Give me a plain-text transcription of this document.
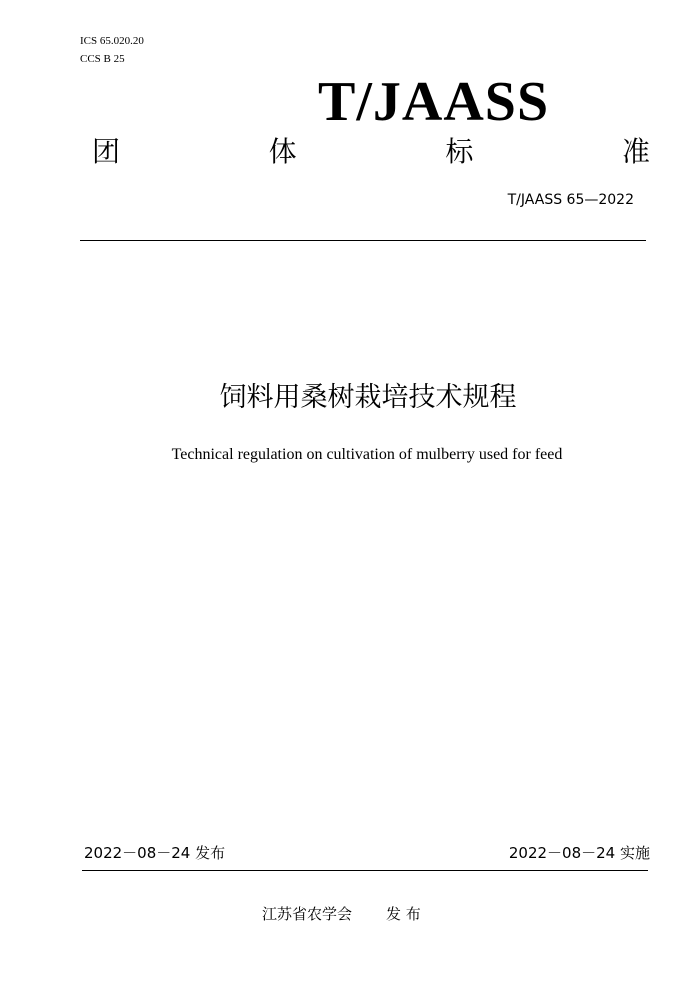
ICS 65.020.20
CCS B 25
T/JAASS
团	体	标	准
T/JAASS 65—2022
饲料用桑树栽培技术规程
Technical regulation on cultivation of mulberry used for feed
2022－08－24 发布	2022－08－24 实施
江苏省农学会 发 布
